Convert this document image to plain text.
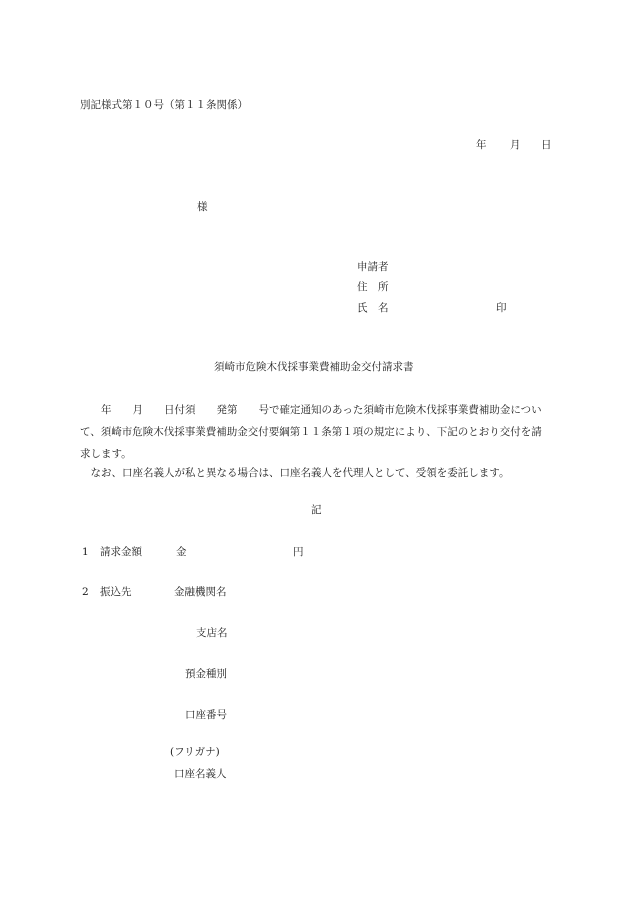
別記様式第１０号（第１１条関係）
年 月 日
様
申請者
住　所
氏　名	印
須崎市危険木伐採事業費補助金交付請求書
　　年　　月　　日付須　　発第　　号で確定通知のあった須崎市危険木伐採事業費補助金について、須崎市危険木伐採事業費補助金交付要綱第１１条第１項の規定により、下記のとおり交付を請求します。
　なお、口座名義人が私と異なる場合は、口座名義人を代理人として、受領を委託します。
記
1 請求金額	金	円
2 振込先	金融機関名
支店名
預金種別
口座番号
(フリガナ)
口座名義人
